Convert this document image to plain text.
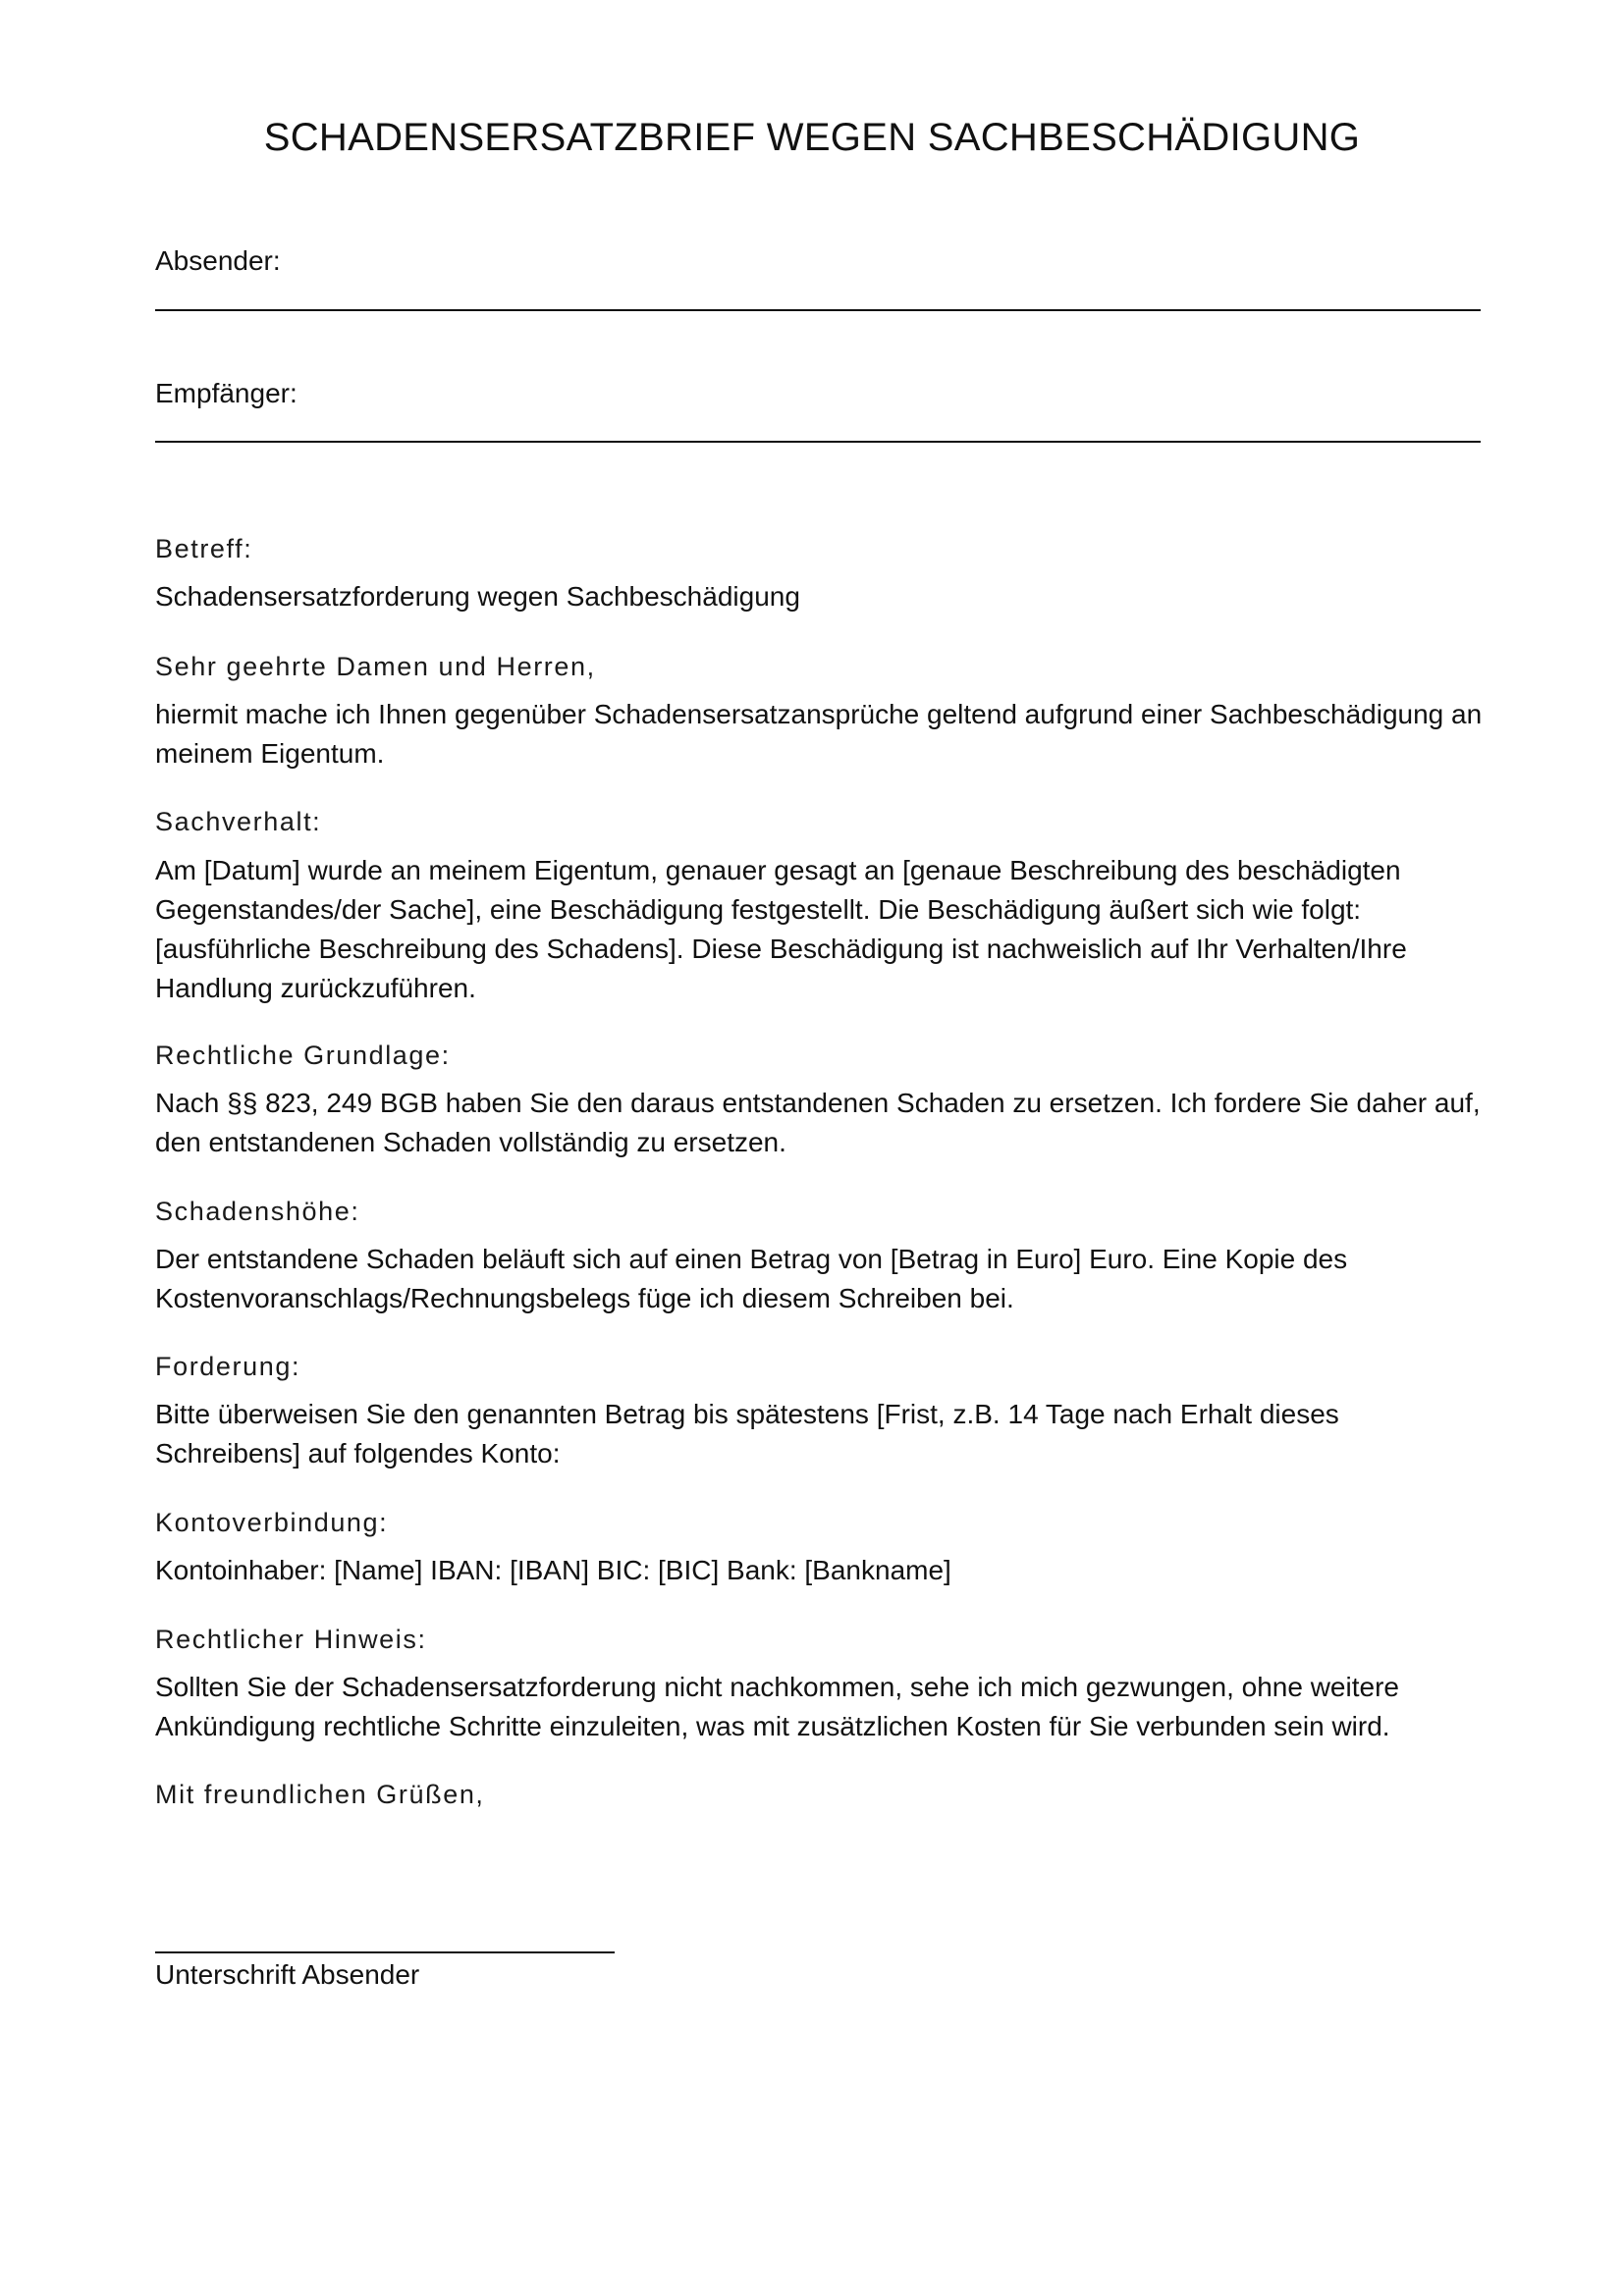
SCHADENSERSATZBRIEF WEGEN SACHBESCHÄDIGUNG
Absender:
Empfänger:
Betreff:

Schadensersatzforderung wegen Sachbeschädigung

Sehr geehrte Damen und Herren,

hiermit mache ich Ihnen gegenüber Schadensersatzansprüche geltend aufgrund einer Sachbeschädigung an meinem Eigentum.

Sachverhalt:

Am [Datum] wurde an meinem Eigentum, genauer gesagt an [genaue Beschreibung des beschädigten Gegenstandes/der Sache], eine Beschädigung festgestellt. Die Beschädigung äußert sich wie folgt: [ausführliche Beschreibung des Schadens]. Diese Beschädigung ist nachweislich auf Ihr Verhalten/Ihre Handlung zurückzuführen.

Rechtliche Grundlage:

Nach §§ 823, 249 BGB haben Sie den daraus entstandenen Schaden zu ersetzen. Ich fordere Sie daher auf, den entstandenen Schaden vollständig zu ersetzen.

Schadenshöhe:

Der entstandene Schaden beläuft sich auf einen Betrag von [Betrag in Euro] Euro. Eine Kopie des Kostenvoranschlags/Rechnungsbelegs füge ich diesem Schreiben bei.

Forderung:

Bitte überweisen Sie den genannten Betrag bis spätestens [Frist, z.B. 14 Tage nach Erhalt dieses Schreibens] auf folgendes Konto:

Kontoverbindung:

Kontoinhaber: [Name] IBAN: [IBAN] BIC: [BIC] Bank: [Bankname]

Rechtlicher Hinweis:

Sollten Sie der Schadensersatzforderung nicht nachkommen, sehe ich mich gezwungen, ohne weitere Ankündigung rechtliche Schritte einzuleiten, was mit zusätzlichen Kosten für Sie verbunden sein wird.

Mit freundlichen Grüßen,
Unterschrift Absender
